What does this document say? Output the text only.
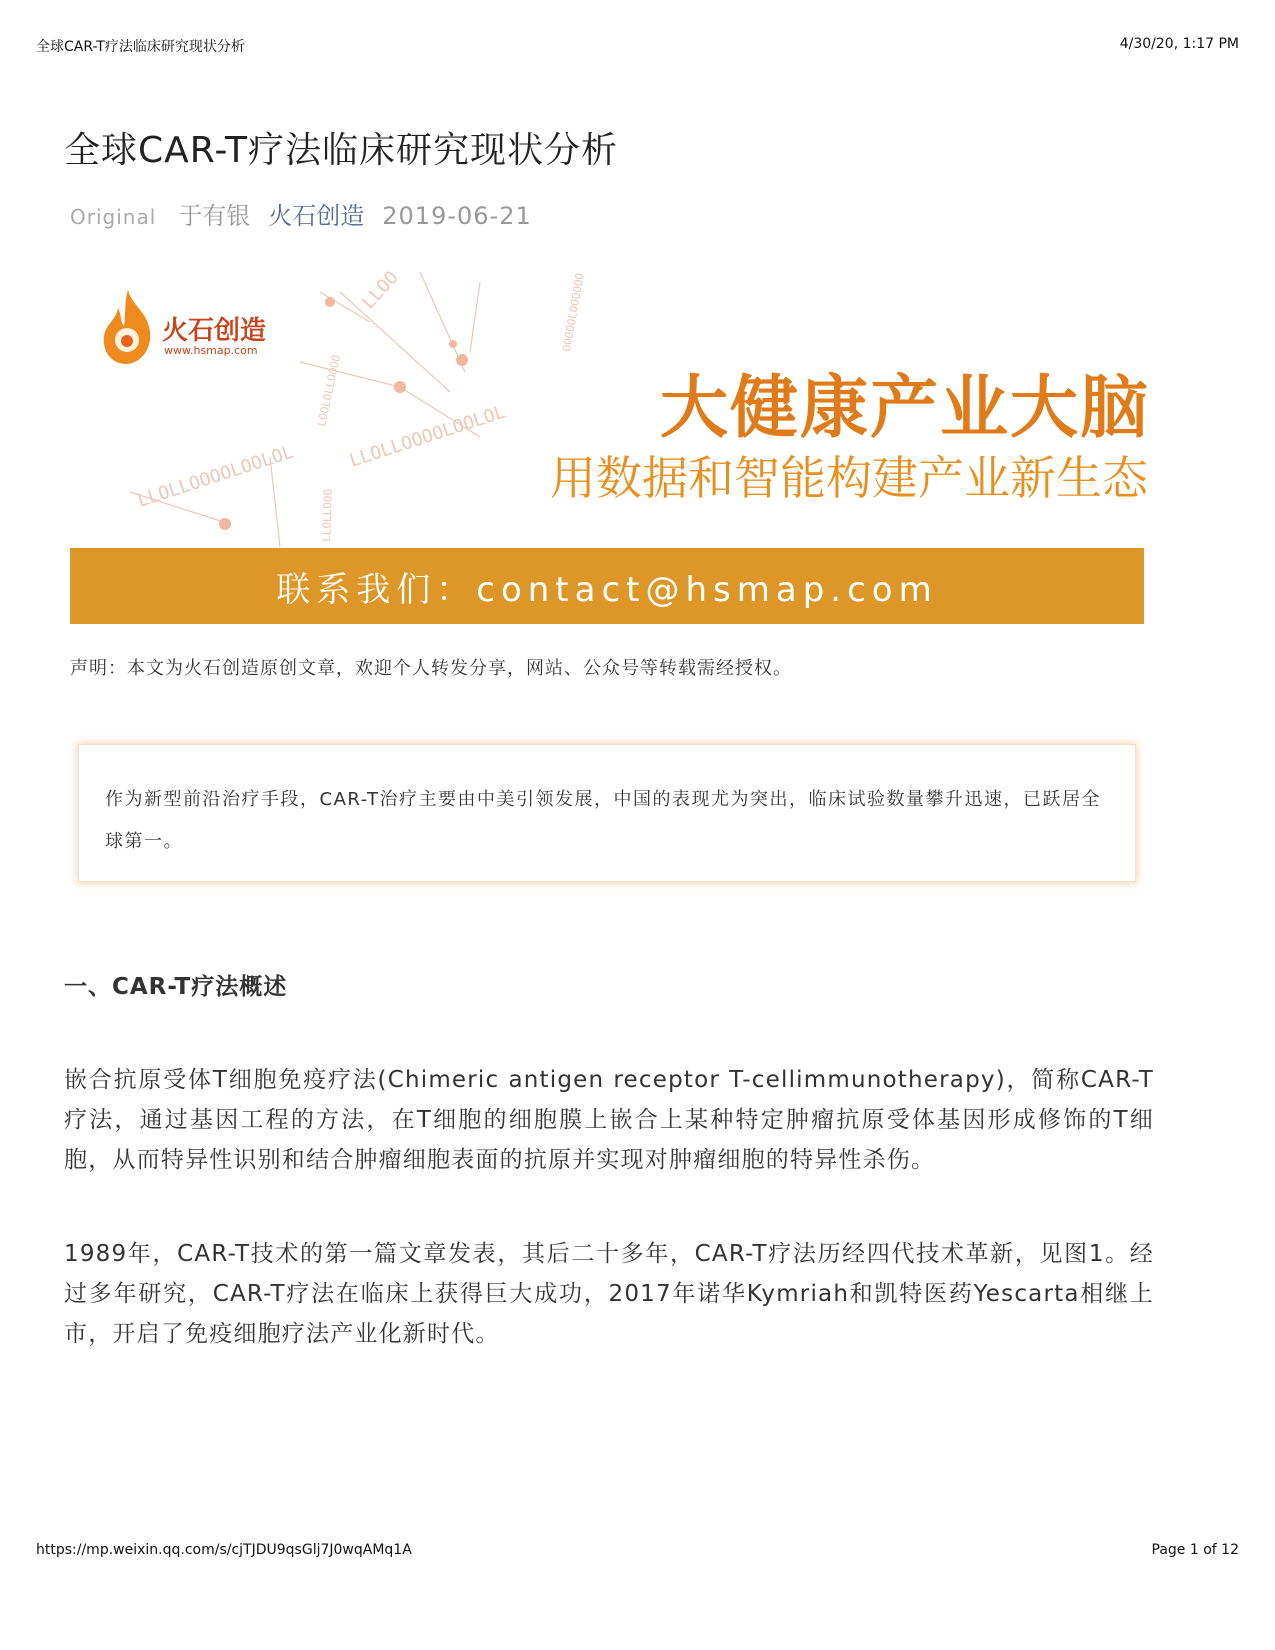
全球CAR-T疗法临床研究现状分析	4/30/20, 1:17 PM
全球CAR-T疗法临床研究现状分析
Original 于有银 火石创造 2019-06-21
LLOLLOOOOLOOLOL
LLOLLOOOOLOOLOL
LLOO
LOOLOLLOOOO
LLOLLOOO
OOOOOLOOOOOO
火石创造
www.hsmap.com
大健康产业大脑
用数据和智能构建产业新生态
联系我们：contact@hsmap.com
声明：本文为火石创造原创文章，欢迎个人转发分享，网站、公众号等转载需经授权。

作为新型前沿治疗手段，CAR-T治疗主要由中美引领发展，中国的表现尤为突出，临床试验数量攀升迅速，已跃居全球第一。

一、CAR-T疗法概述

嵌合抗原受体T细胞免疫疗法(Chimeric antigen receptor T-cellimmunotherapy)，简称CAR-T疗法，通过基因工程的方法，在T细胞的细胞膜上嵌合上某种特定肿瘤抗原受体基因形成修饰的T细胞，从而特异性识别和结合肿瘤细胞表面的抗原并实现对肿瘤细胞的特异性杀伤。

1989年，CAR-T技术的第一篇文章发表，其后二十多年，CAR-T疗法历经四代技术革新，见图1。经过多年研究，CAR-T疗法在临床上获得巨大成功，2017年诺华Kymriah和凯特医药Yescarta相继上市，开启了免疫细胞疗法产业化新时代。

https://mp.weixin.qq.com/s/cjTJDU9qsGlj7J0wqAMq1A	Page 1 of 12
